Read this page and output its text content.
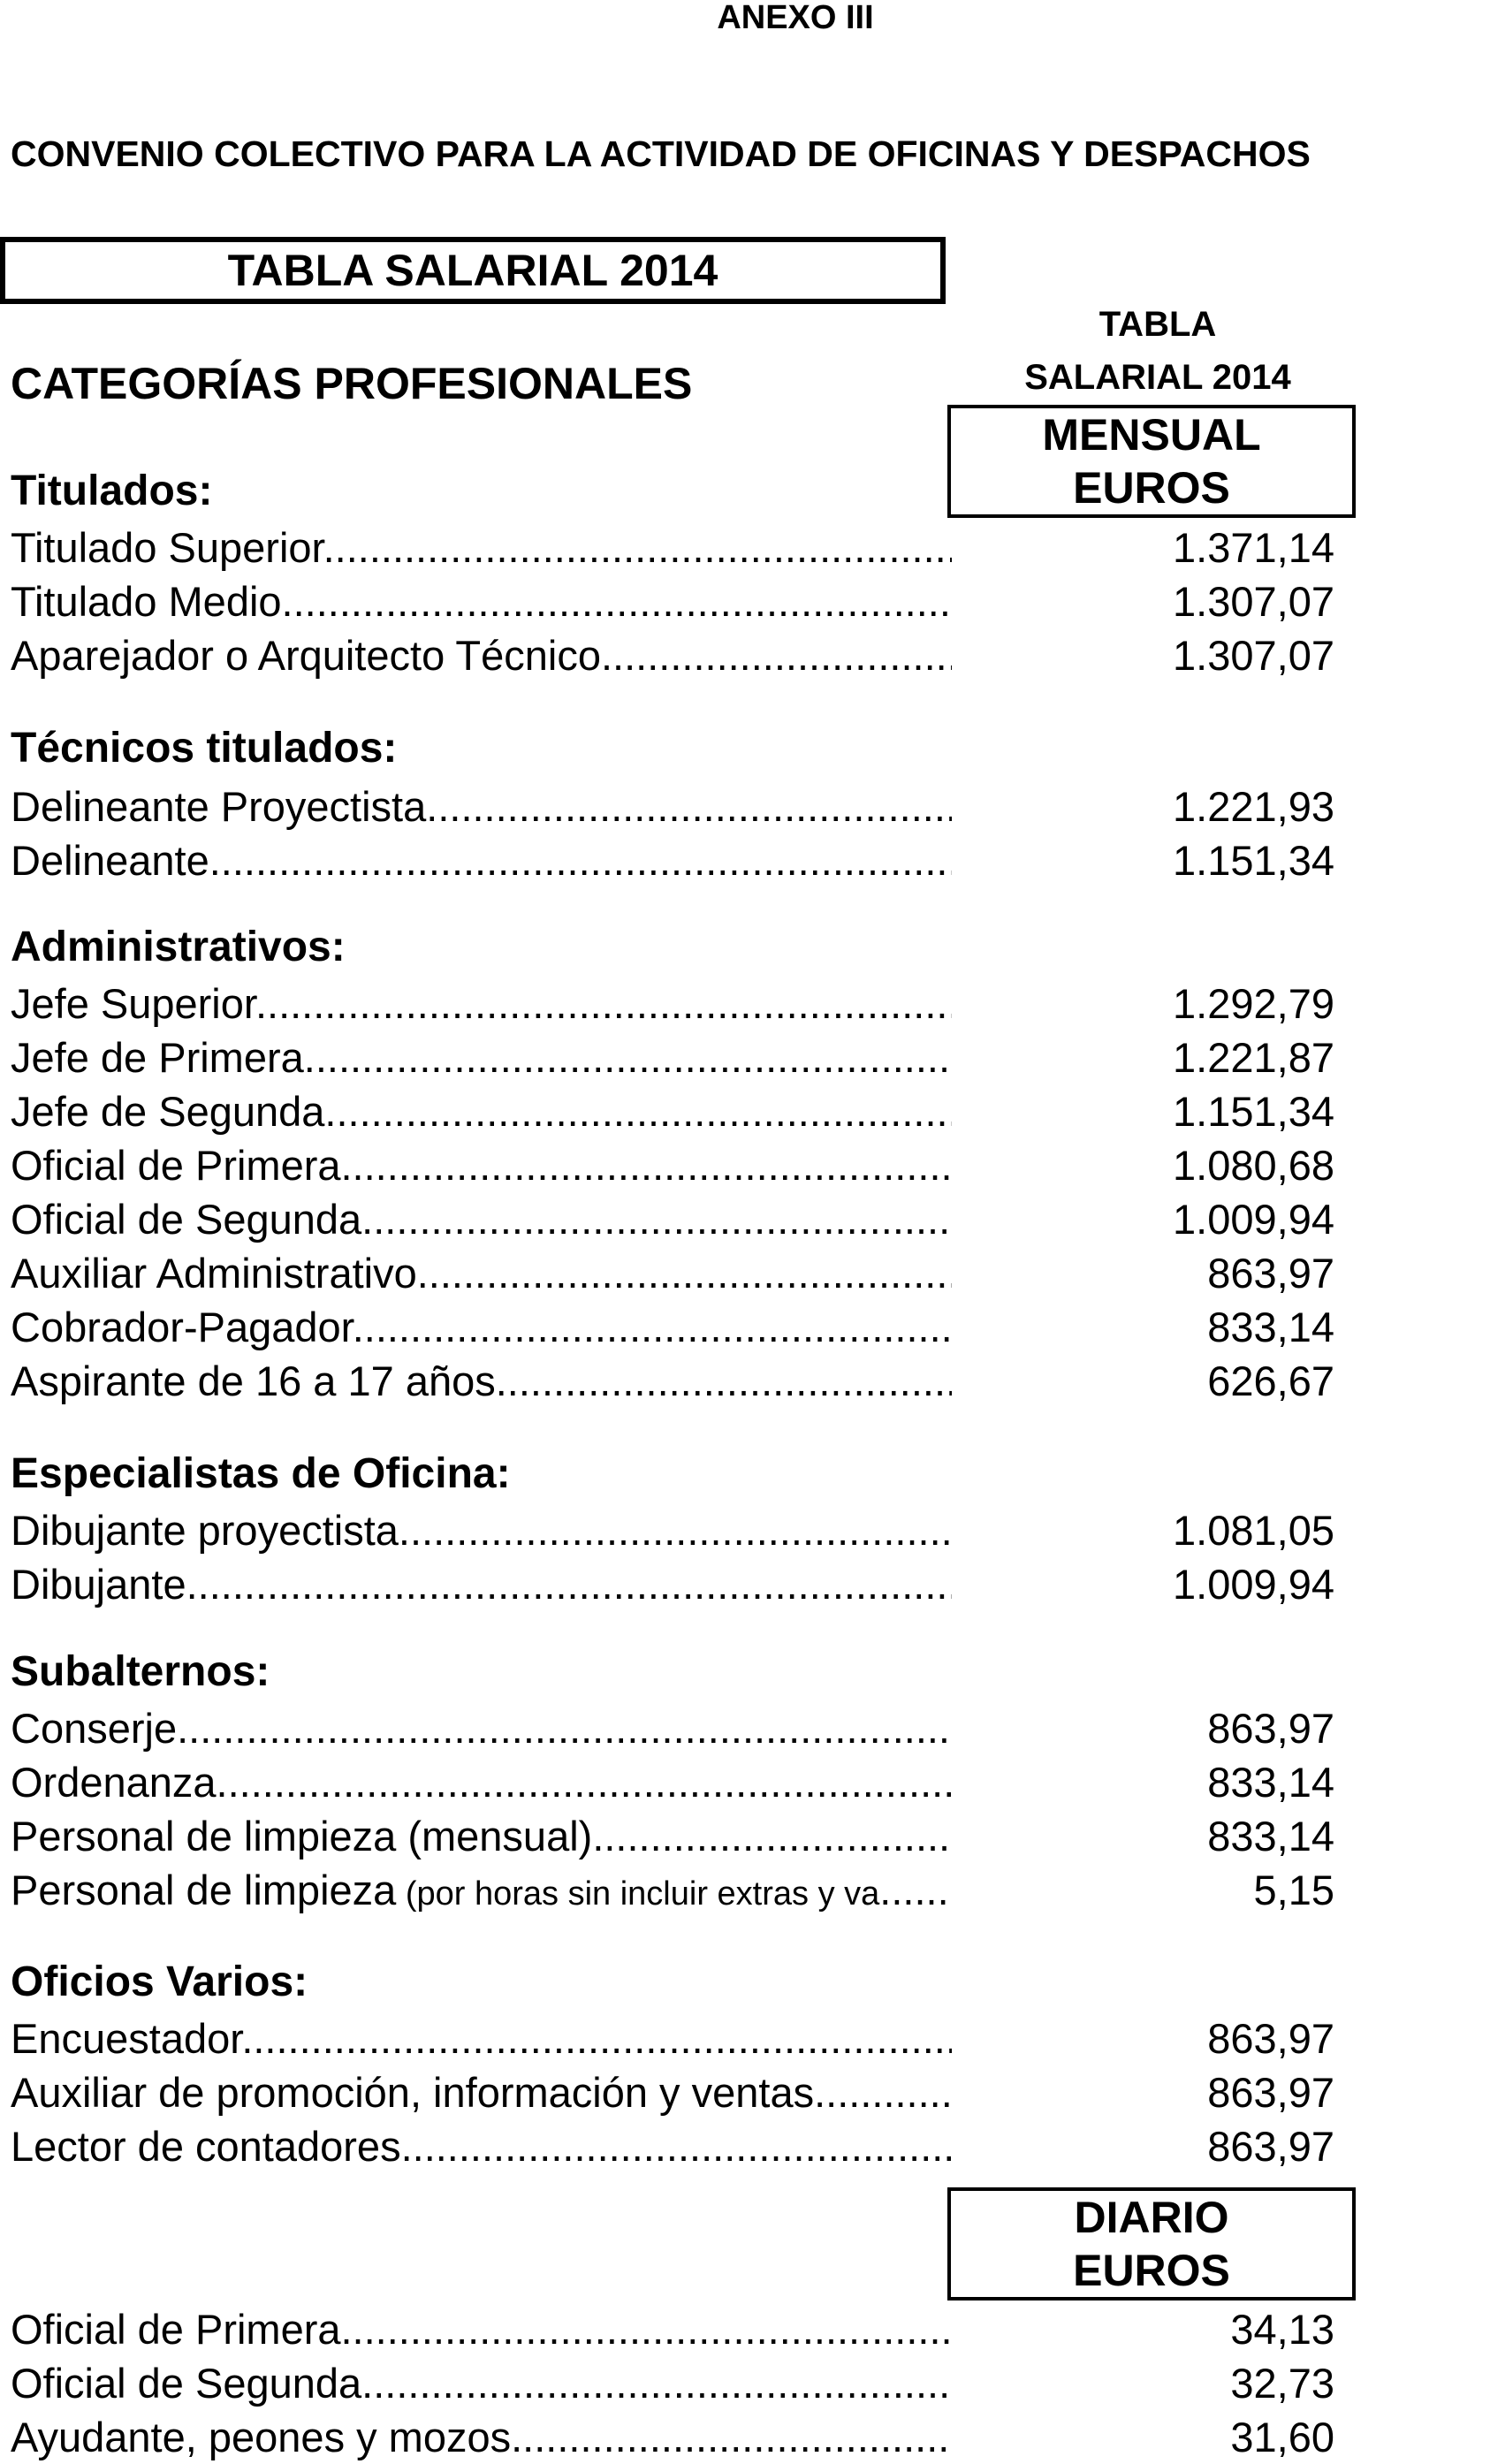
ANEXO III
CONVENIO COLECTIVO PARA LA ACTIVIDAD DE OFICINAS Y DESPACHOS
TABLA SALARIAL 2014
TABLA
SALARIAL 2014
CATEGORÍAS PROFESIONALES
MENSUAL
EUROS
Titulados:
Titulado Superior .....	1.371,14
Titulado Medio .....	1.307,07
Aparejador o Arquitecto Técnico .....	1.307,07
Técnicos titulados:
Delineante Proyectista .....	1.221,93
Delineante .....	1.151,34
Administrativos:
Jefe Superior .....	1.292,79
Jefe de Primera .....	1.221,87
Jefe de Segunda .....	1.151,34
Oficial de Primera .....	1.080,68
Oficial de Segunda .....	1.009,94
Auxiliar Administrativo .....	863,97
Cobrador-Pagador .....	833,14
Aspirante de 16 a 17 años .....	626,67
Especialistas de Oficina:
Dibujante proyectista .....	1.081,05
Dibujante .....	1.009,94
Subalternos:
Conserje .....	863,97
Ordenanza .....	833,14
Personal de limpieza (mensual) .....	833,14
Personal de limpieza (por horas sin incluir extras y va .....	5,15
Oficios Varios:
Encuestador .....	863,97
Auxiliar de promoción, información y ventas .....	863,97
Lector de contadores .....	863,97
DIARIO
EUROS
Oficial de Primera .....	34,13
Oficial de Segunda .....	32,73
Ayudante, peones y mozos .....	31,60
